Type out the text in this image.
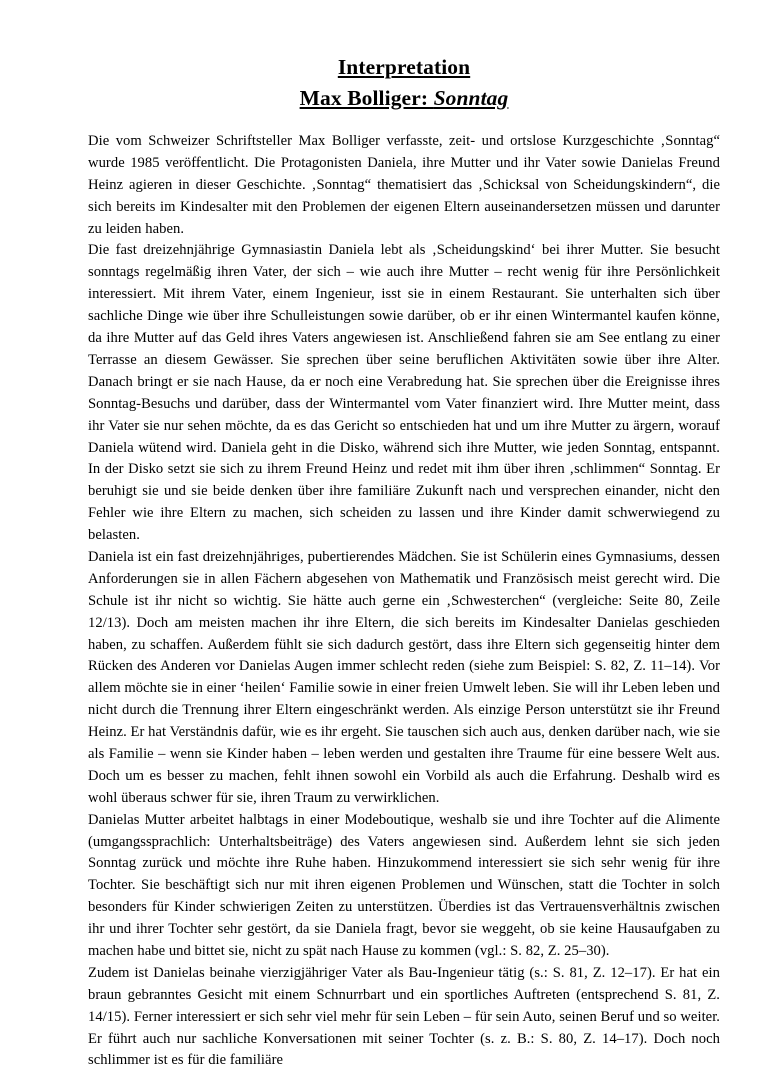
Interpretation
Max Bolliger: Sonntag

Die vom Schweizer Schriftsteller Max Bolliger verfasste, zeit- und ortslose Kurzgeschichte ‚Sonntag“ wurde 1985 veröffentlicht. Die Protagonisten Daniela, ihre Mutter und ihr Vater sowie Danielas Freund Heinz agieren in dieser Geschichte. ‚Sonntag“ thematisiert das ‚Schicksal von Scheidungskindern“, die sich bereits im Kindesalter mit den Problemen der eigenen Eltern auseinandersetzen müssen und darunter zu leiden haben.

Die fast dreizehnjährige Gymnasiastin Daniela lebt als ‚Scheidungskind‘ bei ihrer Mutter. Sie besucht sonntags regelmäßig ihren Vater, der sich – wie auch ihre Mutter – recht wenig für ihre Persönlichkeit interessiert. Mit ihrem Vater, einem Ingenieur, isst sie in einem Restaurant. Sie unterhalten sich über sachliche Dinge wie über ihre Schulleistungen sowie darüber, ob er ihr einen Wintermantel kaufen könne, da ihre Mutter auf das Geld ihres Vaters angewiesen ist. Anschließend fahren sie am See entlang zu einer Terrasse an diesem Gewässer. Sie sprechen über seine beruflichen Aktivitäten sowie über ihre Alter. Danach bringt er sie nach Hause, da er noch eine Verabredung hat. Sie sprechen über die Ereignisse ihres Sonntag-Besuchs und darüber, dass der Wintermantel vom Vater finanziert wird. Ihre Mutter meint, dass ihr Vater sie nur sehen möchte, da es das Gericht so entschieden hat und um ihre Mutter zu ärgern, worauf Daniela wütend wird. Daniela geht in die Disko, während sich ihre Mutter, wie jeden Sonntag, entspannt. In der Disko setzt sie sich zu ihrem Freund Heinz und redet mit ihm über ihren ‚schlimmen“ Sonntag. Er beruhigt sie und sie beide denken über ihre familiäre Zukunft nach und versprechen einander, nicht den Fehler wie ihre Eltern zu machen, sich scheiden zu lassen und ihre Kinder damit schwerwiegend zu belasten.

Daniela ist ein fast dreizehnjähriges, pubertierendes Mädchen. Sie ist Schülerin eines Gymnasiums, dessen Anforderungen sie in allen Fächern abgesehen von Mathematik und Französisch meist gerecht wird. Die Schule ist ihr nicht so wichtig. Sie hätte auch gerne ein ‚Schwesterchen“ (vergleiche: Seite 80, Zeile 12/13). Doch am meisten machen ihr ihre Eltern, die sich bereits im Kindesalter Danielas geschieden haben, zu schaffen. Außerdem fühlt sie sich dadurch gestört, dass ihre Eltern sich gegenseitig hinter dem Rücken des Anderen vor Danielas Augen immer schlecht reden (siehe zum Beispiel: S. 82, Z. 11–14). Vor allem möchte sie in einer ‘heilen‘ Familie sowie in einer freien Umwelt leben. Sie will ihr Leben leben und nicht durch die Trennung ihrer Eltern eingeschränkt werden. Als einzige Person unterstützt sie ihr Freund Heinz. Er hat Verständnis dafür, wie es ihr ergeht. Sie tauschen sich auch aus, denken darüber nach, wie sie als Familie – wenn sie Kinder haben – leben werden und gestalten ihre Traume für eine bessere Welt aus. Doch um es besser zu machen, fehlt ihnen sowohl ein Vorbild als auch die Erfahrung. Deshalb wird es wohl überaus schwer für sie, ihren Traum zu verwirklichen.

Danielas Mutter arbeitet halbtags in einer Modeboutique, weshalb sie und ihre Tochter auf die Alimente (umgangssprachlich: Unterhaltsbeiträge) des Vaters angewiesen sind. Außerdem lehnt sie sich jeden Sonntag zurück und möchte ihre Ruhe haben. Hinzukommend interessiert sie sich sehr wenig für ihre Tochter. Sie beschäftigt sich nur mit ihren eigenen Problemen und Wünschen, statt die Tochter in solch besonders für Kinder schwierigen Zeiten zu unterstützen. Überdies ist das Vertrauensverhältnis zwischen ihr und ihrer Tochter sehr gestört, da sie Daniela fragt, bevor sie weggeht, ob sie keine Hausaufgaben zu machen habe und bittet sie, nicht zu spät nach Hause zu kommen (vgl.: S. 82, Z. 25–30).

Zudem ist Danielas beinahe vierzigjähriger Vater als Bau-Ingenieur tätig (s.: S. 81, Z. 12–17). Er hat ein braun gebranntes Gesicht mit einem Schnurrbart und ein sportliches Auftreten (entsprechend S. 81, Z. 14/15). Ferner interessiert er sich sehr viel mehr für sein Leben – für sein Auto, seinen Beruf und so weiter. Er führt auch nur sachliche Konversationen mit seiner Tochter (s. z. B.: S. 80, Z. 14–17). Doch noch schlimmer ist es für die familiäre
